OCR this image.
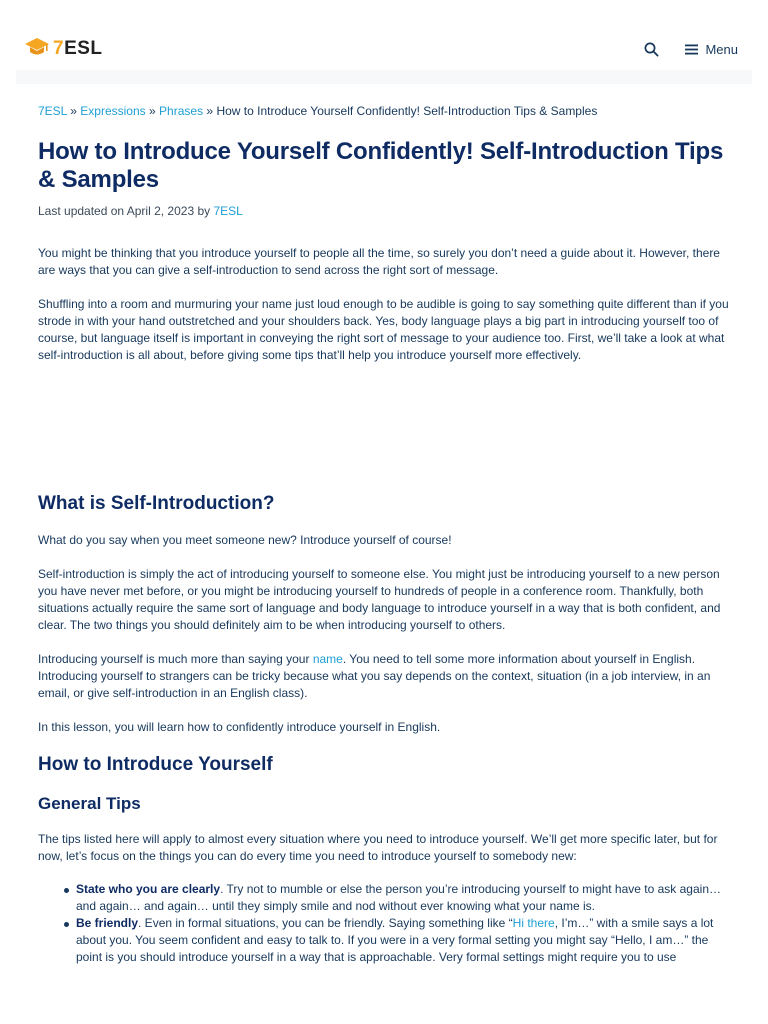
7ESL	Menu
7ESL » Expressions » Phrases » How to Introduce Yourself Confidently! Self-Introduction Tips & Samples
How to Introduce Yourself Confidently! Self-Introduction Tips & Samples
Last updated on April 2, 2023 by 7ESL

You might be thinking that you introduce yourself to people all the time, so surely you don’t need a guide about it. However, there are ways that you can give a self-introduction to send across the right sort of message.

Shuffling into a room and murmuring your name just loud enough to be audible is going to say something quite different than if you strode in with your hand outstretched and your shoulders back. Yes, body language plays a big part in introducing yourself too of course, but language itself is important in conveying the right sort of message to your audience too. First, we’ll take a look at what self-introduction is all about, before giving some tips that’ll help you introduce yourself more effectively.

What is Self-Introduction?

What do you say when you meet someone new? Introduce yourself of course!

Self-introduction is simply the act of introducing yourself to someone else. You might just be introducing yourself to a new person you have never met before, or you might be introducing yourself to hundreds of people in a conference room. Thankfully, both situations actually require the same sort of language and body language to introduce yourself in a way that is both confident, and clear. The two things you should definitely aim to be when introducing yourself to others.

Introducing yourself is much more than saying your name. You need to tell some more information about yourself in English. Introducing yourself to strangers can be tricky because what you say depends on the context, situation (in a job interview, in an email, or give self-introduction in an English class).

In this lesson, you will learn how to confidently introduce yourself in English.

How to Introduce Yourself
General Tips

The tips listed here will apply to almost every situation where you need to introduce yourself. We’ll get more specific later, but for now, let’s focus on the things you can do every time you need to introduce yourself to somebody new:

State who you are clearly. Try not to mumble or else the person you’re introducing yourself to might have to ask again… and again… and again… until they simply smile and nod without ever knowing what your name is.
Be friendly. Even in formal situations, you can be friendly. Saying something like “Hi there, I’m…” with a smile says a lot about you. You seem confident and easy to talk to. If you were in a very formal setting you might say “Hello, I am…” the point is you should introduce yourself in a way that is approachable. Very formal settings might require you to use
